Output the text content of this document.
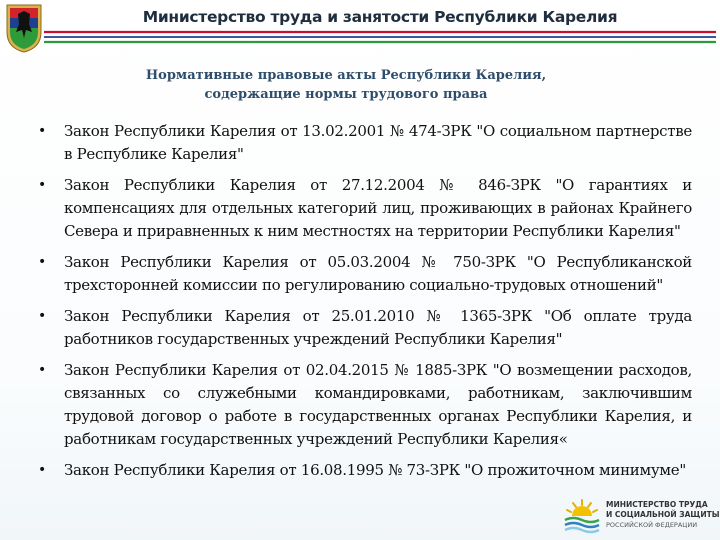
Министерство труда и занятости Республики Карелия
Нормативные правовые акты Республики Карелия,
содержащие нормы трудового права
• Закон Республики Карелия от 13.02.2001 № 474-ЗРК "О социальном партнерстве в Республике Карелия"
• Закон Республики Карелия от 27.12.2004 № 846-ЗРК "О гарантиях и компенсациях для отдельных категорий лиц, проживающих в районах Крайнего Севера и приравненных к ним местностях на территории Республики Карелия"
• Закон Республики Карелия от 05.03.2004 № 750-ЗРК "О Республиканской трехсторонней комиссии по регулированию социально-трудовых отношений"
• Закон Республики Карелия от 25.01.2010 № 1365-ЗРК "Об оплате труда работников государственных учреждений Республики Карелия"
• Закон Республики Карелия от 02.04.2015 № 1885-ЗРК "О возмещении расходов, связанных со служебными командировками, работникам, заключившим трудовой договор о работе в государственных органах Республики Карелия, и работникам государственных учреждений Республики Карелия«
• Закон Республики Карелия от 16.08.1995 № 73-ЗРК "О прожиточном минимуме"
МИНИСТЕРСТВО ТРУДА
И СОЦИАЛЬНОЙ ЗАЩИТЫ
РОССИЙСКОЙ ФЕДЕРАЦИИ
